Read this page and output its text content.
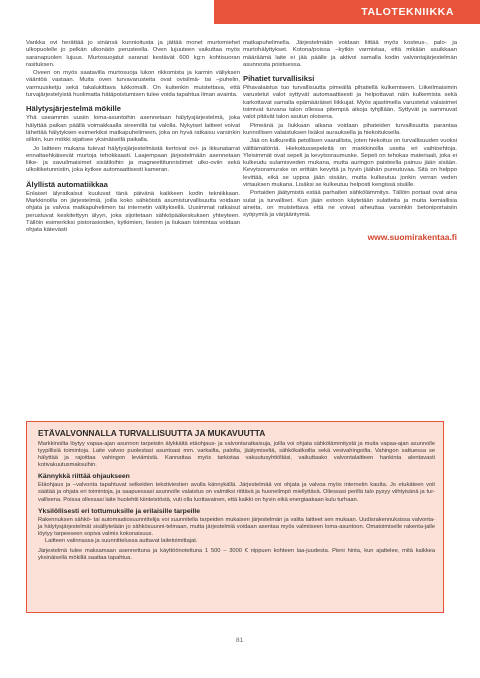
TALOTEKNIIKKA

Vankka ovi herättää jo sinänsä kunnioitusta ja jättää monet murtomiehet ulkopuolelle jo pelkän ulkonäön perusteella. Oven lujuuteen vaikuttaa myös saranapuolen lujuus. Murtosuojatut saranat kestävät 600 kg:n kohtisuoran rasituksen.

Oveen on myös saatavilla murtosuoja lukon rikkomista ja karmin väliyksen vääntöä vastaan. Muita oven turvavarusteita ovat ovisilmä- tai –puhelin, varmuusketju sekä takalukittava lukkomalli. On kuitenkin muistettava, että turvajärjestelyistä huolimatta hätäpoistumisen tulee voida tapahtua ilman avainta.

Hälytysjärjestelmä mökille

Yhä useammin uusiin loma-asuntoihin asennetaan hälytysjärjestelmä, joka hälyttää paikan päällä voimakkaalla sireenillä tai valolla. Nykyiset laitteet voivat lähettää hälytyksen esimerkiksi matkapuhelimeen, joka on hyvä ratkaisu varsinkin silloin, kun mökki sijaitsee yksinäisellä paikalla.

Jo laitteen mukana tulevat hälytysjärjestelmästä kertovat ovi- ja ikkunatarrat ennaltaehkäisevät murtoja tehokkaasti. Laajempaan järjestelmään asennetaan liike- ja savuilmaisimet sisätiloihin ja magneettitunnistimet ulko-oviin sekä ulkoliiketunnistin, joka kytkee automaattisesti kameran.

Älyllistä automatiikkaa

Enlaiset älyratkaisut kuuluvat tänä päivänä kaikkeen kodin tekniikkaan. Markkinoilla on järjestelmiä, joilla koko sähköistä asumisturvallisuutta voidaan ohjata ja valvoa matkapuhelimen tai internetin välityksellä. Uusimmat ratkaisut perustuvat keskitettyyn älyyn, joka sijoitetaan sähköpääkeskuksen yhteyteen. Tällöin esimerkiksi pistorasioiden, kytkimien, liesien ja liukaan toimintaa voidaan ohjata kätevästi

matkapuhelimella. Järjestelmään voidaan liittää myös kosteus-, palo- ja murtohälyttykset. Kotona/poissa –kytkin varmistaa, että mikään asuikkaan määräämä laite ei jää päälle ja aktivoi samalla kodin valvontajärjestelmän asunnosta poistuessa.

Pihatiet turvallisiksi

Pihavalaistus tuo turvallisuutta pimeällä pihatiellä kulkemiseen. Liikeilmaisimin varustetut valot syttyvät automaattisesti ja helpottavat näin kulkemista sekä karkottavat samalla epämääräiset liikkujat. Myös ajastimella varustetut valaisimet toimivat turvana talon ollessa pitempiä aikoja tyhjillään. Syttyvät ja sammuvat valot pitävät talon asutun oloisena.

Pimeänä ja liukkaan aikana voidaan pihateiden turvallisuutta parantaa kunnollisen valaistuksen lisäksi aurauksella ja hiekoituksella.

Jää on kulkureillä petollisen vaarallista, joten hiekoitus on turvallisuuden vuoksi välttämätöntä. Hiekoitussepeleitä on markkinoilla useita eri vaihtoehtoja. Yleisimmät ovat sepeli ja kevytsoraumuske. Sepeli on tehokas materiaali, joka ei kulkeudu sulamisveden mukana, mutta auringon paisteella painuu jään sisään. Kevytsoramurske on erittäin kevyttä ja hyvin jäähän pureutuvaa. Sitä on helppo levittää, eikä se uppoa jään sisään, mutta kulkeutuu jonkin verran veden virtauksen mukana. Lisäksi se kulkeutuu helposti kengissä sisälle.

Portaiden jäätymistä estää parhaiten sähkölämmitys. Tällöin portaat ovat aina sulat ja turvalliset. Kun jään estoon käytetään sulatteita ja muita kemiallisia aineita, on muistettava että ne voivat aiheuttaa varsinkin betoniportaisiin syöpymiä ja värjääntymiä.

www.suomirakentaa.fi
ETÄVALVONNALLA TURVALLISUUTTA JA MUKAVUUTTA

Markkinoilta löytyy vapaa-ajan asunnon tarpeisiin älykkäitä etäohjaus- ja valvontaratkaisuja, joilla voi ohjata sähkölämmitystä ja muita vapaa-ajan asunnolle tyypillisiä toimintoja. Laite valvoo puolestasi asuntoasi mm. varkailta, palolta, jäätymiseltä, sähkökatkoilta sekä vesivahingoilta. Vahingon sattuessa se hälyttää ja rajoittaa vahingon leviämistä. Kannattaa myös tarkistaa vakuutusyhtiöltäsi, vaikuttaako valvontalaitteen hankinta alentavasti kotivakuutusmaksuihin.

Kännykkä riittää ohjaukseen

Etäohjaus ja –valvonta tapahtuvat selkeiden tekstiviestien avulla kännykällä. Järjestelmää voi ohjata ja valvoa myös internetin kautta. Jo etukäteen voit säätää ja ohjata eri toimintoja, ja saapuessasi asunnolle valaistus on valmiiksi riittävä ja huoneilmpö miellyttävä. Ollessasi perillä talo pysyy viihtyisänä ja tur-vallisena. Poissa ollessasi laite huolehtii kiinteistöstä, vuti olla luottavainen, että kaikki on hyvin eikä energiaakaan kulu turhaan.

Yksilöllisesti eri tottumuksille ja erilaisille tarpeille

Rakennuksen sähkö- tai automaatiosuunnittelija voi suunnitella tarpeiden mukaisen järjestelmän ja valita laitteet sen mukaan. Uudisrakennuksissa valvonta- ja hälytysjärjestelmät sisällytetään jo sähkösuunni-telmaan, mutta järjestelmiä voidaan asentaa myös valmiiseen loma-asuntoon. Omatoimiselle rakenta-jalle löytyy tarpeeseen sopiva valmis kokonaisuus.

Laitteen valinnassa ja suunnittelussa auttavat laitetoimittajat.

Järjestelmä tulee maksamaan asennettuna ja käyttöönotettuna 1 500 – 3000 € riippuen kohteen laa-juudesta. Pieni hinta, kun ajattelee, mitä kaikkea yksinäisellä mökillä saattaa tapahtua.

81
